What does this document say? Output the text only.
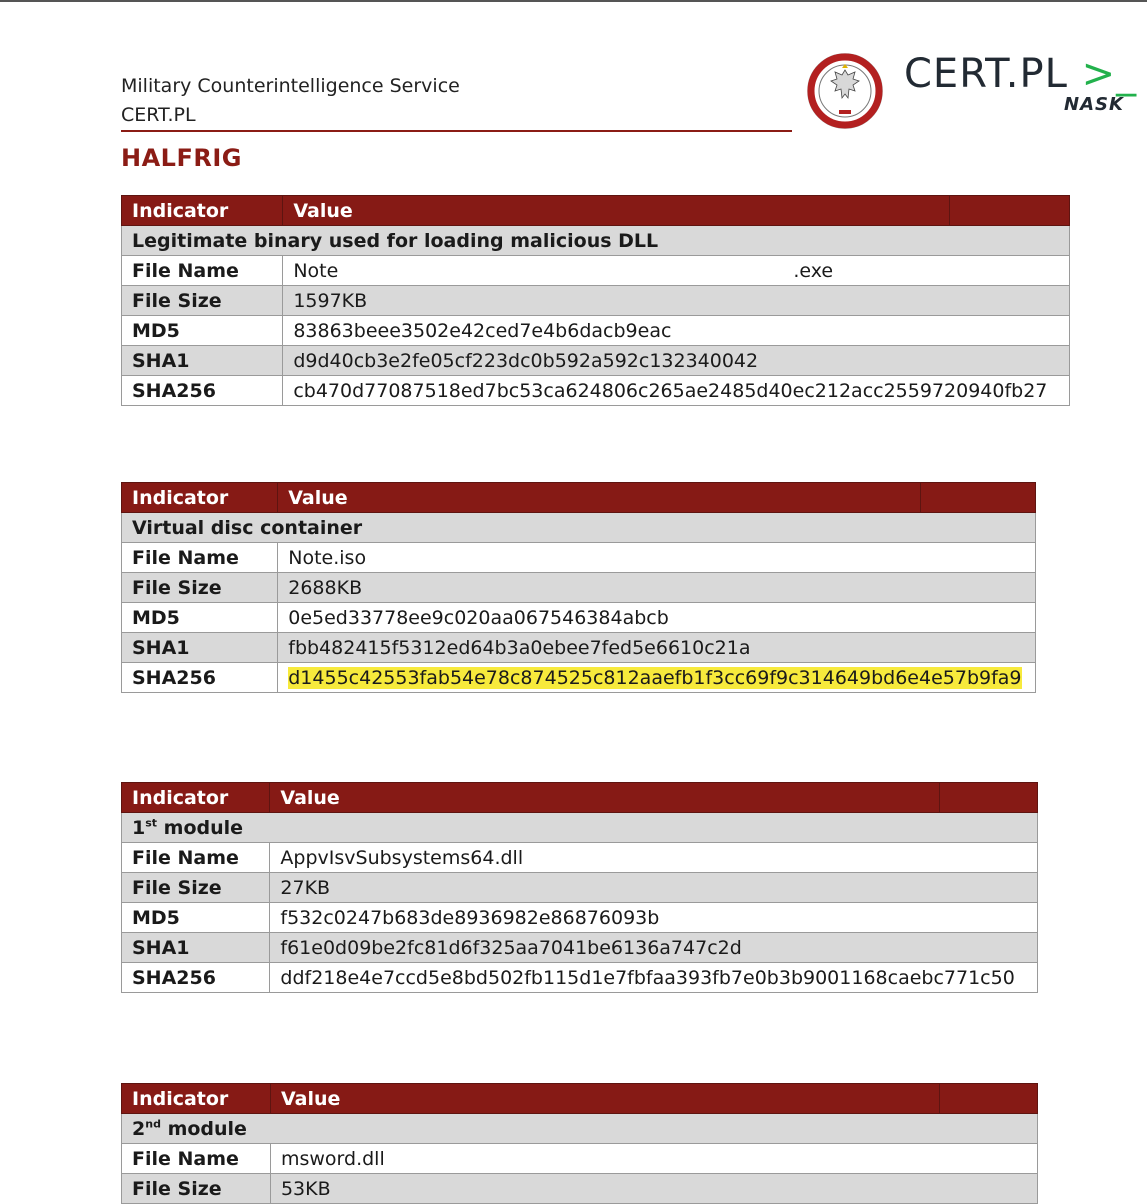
Military Counterintelligence Service
CERT.PL
CERT.PL >_
NASK
HALFRIG
Indicator	Value	
Legitimate binary used for loading malicious DLL		
File Name	Note .exe	
File Size	1597KB	
MD5	83863beee3502e42ced7e4b6dacb9eac	
SHA1	d9d40cb3e2fe05cf223dc0b592a592c132340042	
SHA256	cb470d77087518ed7bc53ca624806c265ae2485d40ec212acc2559720940fb27	
Indicator	Value	
Virtual disc container		
File Name	Note.iso	
File Size	2688KB	
MD5	0e5ed33778ee9c020aa067546384abcb	
SHA1	fbb482415f5312ed64b3a0ebee7fed5e6610c21a	
SHA256	d1455c42553fab54e78c874525c812aaefb1f3cc69f9c314649bd6e4e57b9fa9	
Indicator	Value	
1st module		
File Name	AppvIsvSubsystems64.dll	
File Size	27KB	
MD5	f532c0247b683de8936982e86876093b	
SHA1	f61e0d09be2fc81d6f325aa7041be6136a747c2d	
SHA256	ddf218e4e7ccd5e8bd502fb115d1e7fbfaa393fb7e0b3b9001168caebc771c50	
Indicator	Value	
2nd module		
File Name	msword.dll	
File Size	53KB	
